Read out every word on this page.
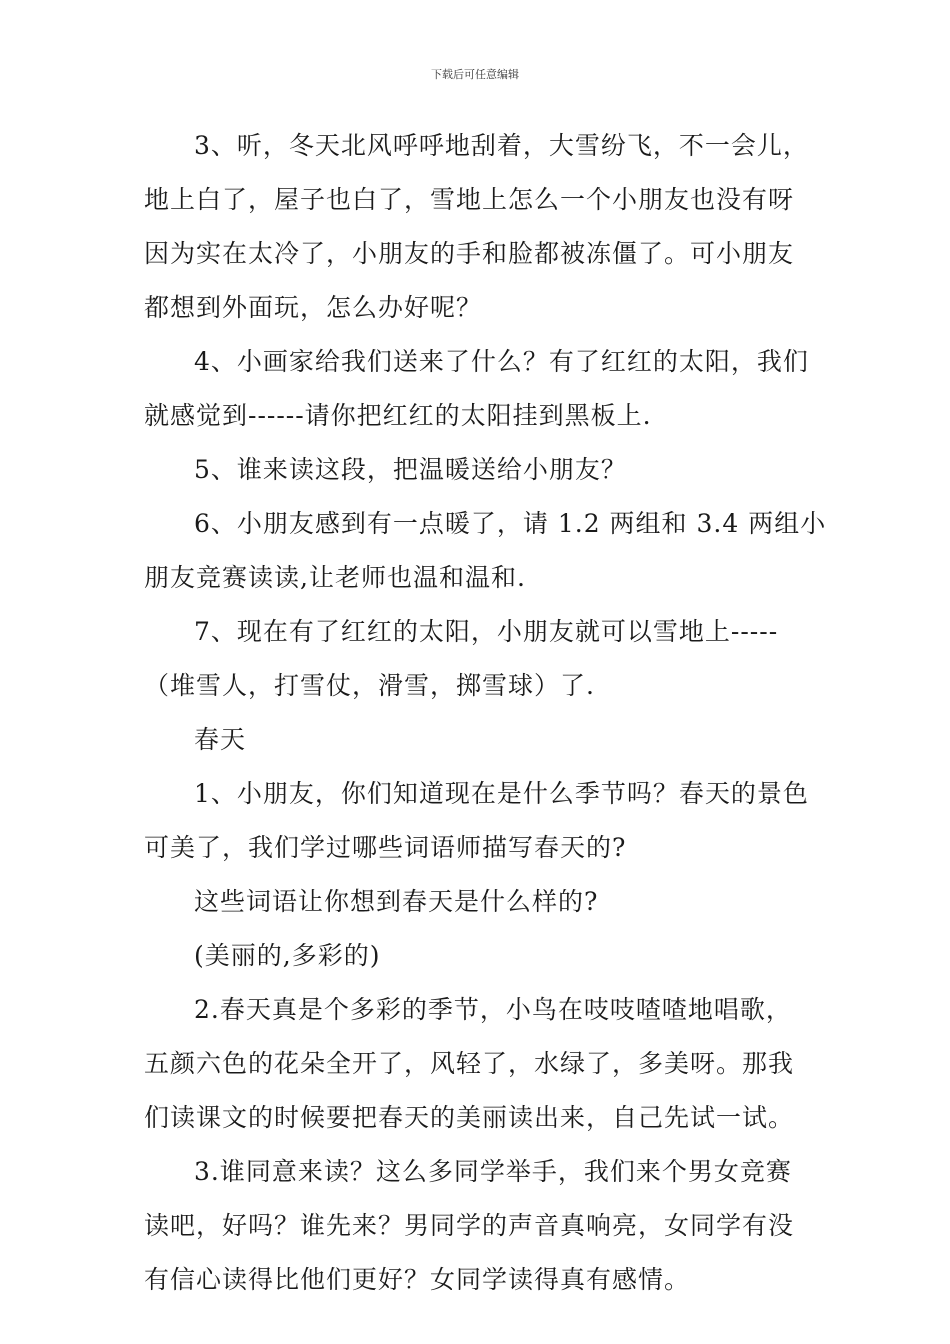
下载后可任意编辑
3、听，冬天北风呼呼地刮着，大雪纷飞，不一会儿，
地上白了，屋子也白了，雪地上怎么一个小朋友也没有呀
因为实在太冷了，小朋友的手和脸都被冻僵了。可小朋友
都想到外面玩，怎么办好呢？
4、小画家给我们送来了什么？有了红红的太阳，我们
就感觉到------请你把红红的太阳挂到黑板上.
5、谁来读这段，把温暖送给小朋友？
6、小朋友感到有一点暖了，请 1.2 两组和 3.4 两组小
朋友竞赛读读,让老师也温和温和.
7、现在有了红红的太阳，小朋友就可以雪地上-----
（堆雪人，打雪仗，滑雪，掷雪球）了.
春天
1、小朋友，你们知道现在是什么季节吗？春天的景色
可美了，我们学过哪些词语师描写春天的?
这些词语让你想到春天是什么样的?
(美丽的,多彩的)
2.春天真是个多彩的季节，小鸟在吱吱喳喳地唱歌，
五颜六色的花朵全开了，风轻了，水绿了，多美呀。那我
们读课文的时候要把春天的美丽读出来，自己先试一试。
3.谁同意来读？这么多同学举手，我们来个男女竞赛
读吧，好吗？谁先来？男同学的声音真响亮，女同学有没
有信心读得比他们更好？女同学读得真有感情。
